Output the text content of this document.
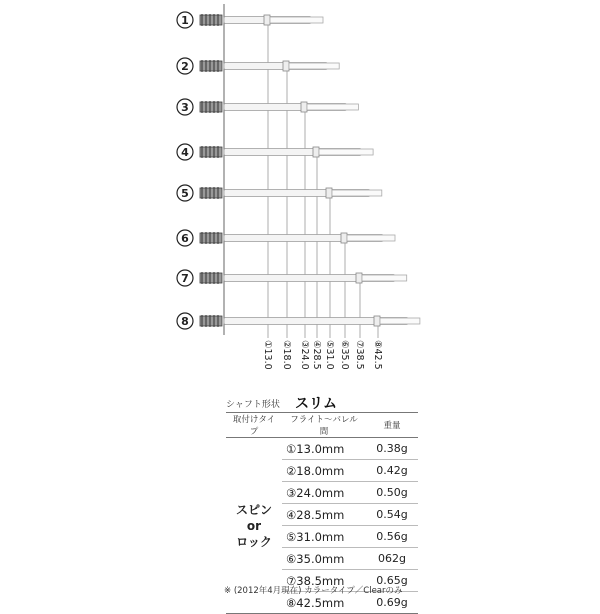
1
①13.0
2
②18.0
3
③24.0
4
④28.5
5
⑤31.0
6
⑥35.0
7
⑦38.5
8
⑧42.5
シャフト形状 スリム
取付けタイプ	フライト〜バレル間	重量

スピン
or
ロック	①13.0mm	0.38g
	②18.0mm	0.42g
	③24.0mm	0.50g
	④28.5mm	0.54g
	⑤31.0mm	0.56g
	⑥35.0mm	062g
	⑦38.5mm	0.65g
	⑧42.5mm	0.69g
※ (2012年4月現在) カラータイプ／Clearのみ
